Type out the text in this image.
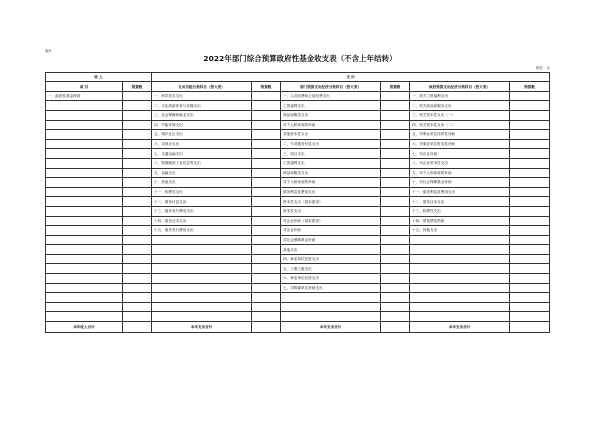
表9
2022年部门综合预算政府性基金收支表（不含上年结转）
单位：元
收 入		支 出					
项 目	预算数	支出功能分类科目（按大类）	预算数	部门预算支出经济分类科目（按大类）	预算数	政府预算支出经济分类科目（按大类）	预算数
一、政府性基金拨款		一、科学技术支出		一、人员经费和公用经费支出		一、机关工资福利支出	
		二、文化旅游体育与传媒支出		工资福利支出		二、机关商品和服务支出	
		三、社会保障和就业支出		商品和服务支出		三、机关资本性支出（一）	
		四、节能环保支出		对个人和家庭的补助		四、机关资本性支出（二）	
		五、城乡社区支出		其他资本性支出		五、对事业单位经常性补助	
		六、农林水支出		二、专项债务付息支出		六、对事业单位资本性补助	
		七、交通运输支出		三、项目支出		七、对企业补助	
		八、资源勘探工业信息等支出		工资福利支出		八、对企业资本性支出	
		九、金融支出		商品和服务支出		九、对个人和家庭的补助	
		十、其他支出		对个人和家庭的补助		十、对社会保障基金补助	
		十一、转移性支出		债务利息及费用支出		十一、债务利息及费用支出	
		十二、债务付息支出		资本性支出（基本建设）		十二、债务还本支出	
		十三、债务发行费用支出		资本性支出		十三、转移性支出	
		十四、债务还本支出		对企业补助（基本建设）		十四、预备费及预留	
		十五、债务发行费用支出		对企业补助		十五、其他支出	
				对社会保障基金补助			
				其他支出			
				四、事业单位经营支出			
				五、上缴上级支出			
				六、事业单位经营支出			
				七、对附属单位补助支出			

本年收入合计		本年支出合计		本年支出合计		本年支出合计	
